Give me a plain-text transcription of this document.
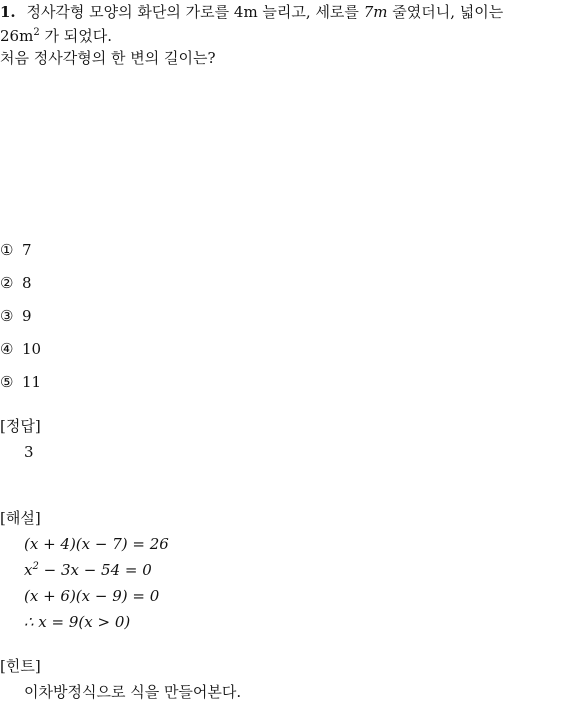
1. 정사각형 모양의 화단의 가로를 4m 늘리고, 세로를 7m 줄였더니, 넓이는
$26m^2$ 가 되었다.
처음 정사각형의 한 변의 길이는?
① 7
② 8
③ 9
④ 10
⑤ 11
[정답]
3
[해설]
(x + 4)(x − 7) = 26
$x^2 - 3x - 54 = 0$
(x + 6)(x − 9) = 0
∴ x = 9(x > 0)
[힌트]
이차방정식으로 식을 만들어본다.
